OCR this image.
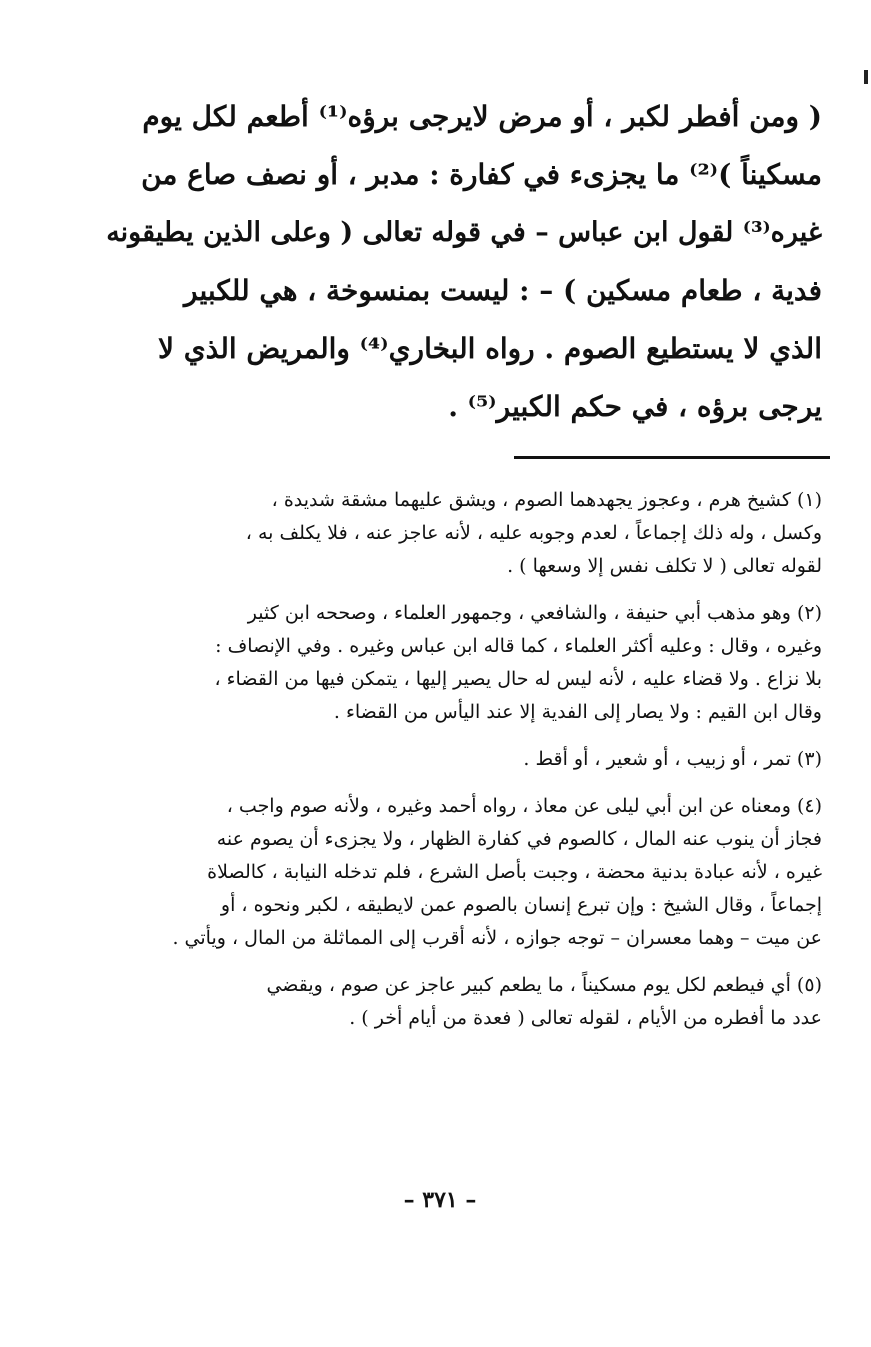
( ومن أفطر لكبر ، أو مرض لايرجى برؤه⁽¹⁾ أطعم لكل يوم
مسكيناً )⁽²⁾ ما يجزىء في كفارة : مدبر ، أو نصف صاع من
غيره⁽³⁾ لقول ابن عباس – في قوله تعالى ( وعلى الذين يطيقونه
فدية ، طعام مسكين ) – : ليست بمنسوخة ، هي للكبير
الذي لا يستطيع الصوم . رواه البخاري⁽⁴⁾ والمريض الذي لا
يرجى برؤه ، في حكم الكبير⁽⁵⁾ .
(١) كشيخ هرم ، وعجوز يجهدهما الصوم ، ويشق عليهما مشقة شديدة ،
وكسل ، وله ذلك إجماعاً ، لعدم وجوبه عليه ، لأنه عاجز عنه ، فلا يكلف به ،
لقوله تعالى ( لا تكلف نفس إلا وسعها ) .
(٢) وهو مذهب أبي حنيفة ، والشافعي ، وجمهور العلماء ، وصححه ابن كثير
وغيره ، وقال : وعليه أكثر العلماء ، كما قاله ابن عباس وغيره . وفي الإنصاف :
بلا نزاع . ولا قضاء عليه ، لأنه ليس له حال يصير إليها ، يتمكن فيها من القضاء ،
وقال ابن القيم : ولا يصار إلى الفدية إلا عند اليأس من القضاء .
(٣) تمر ، أو زبيب ، أو شعير ، أو أقط .
(٤) ومعناه عن ابن أبي ليلى عن معاذ ، رواه أحمد وغيره ، ولأنه صوم واجب ،
فجاز أن ينوب عنه المال ، كالصوم في كفارة الظهار ، ولا يجزىء أن يصوم عنه
غيره ، لأنه عبادة بدنية محضة ، وجبت بأصل الشرع ، فلم تدخله النيابة ، كالصلاة
إجماعاً ، وقال الشيخ : وإن تبرع إنسان بالصوم عمن لايطيقه ، لكبر ونحوه ، أو
عن ميت – وهما معسران – توجه جوازه ، لأنه أقرب إلى المماثلة من المال ، ويأتي .
(٥) أي فيطعم لكل يوم مسكيناً ، ما يطعم كبير عاجز عن صوم ، ويقضي
عدد ما أفطره من الأيام ، لقوله تعالى ( فعدة من أيام أخر ) .
– ٣٧١ –
